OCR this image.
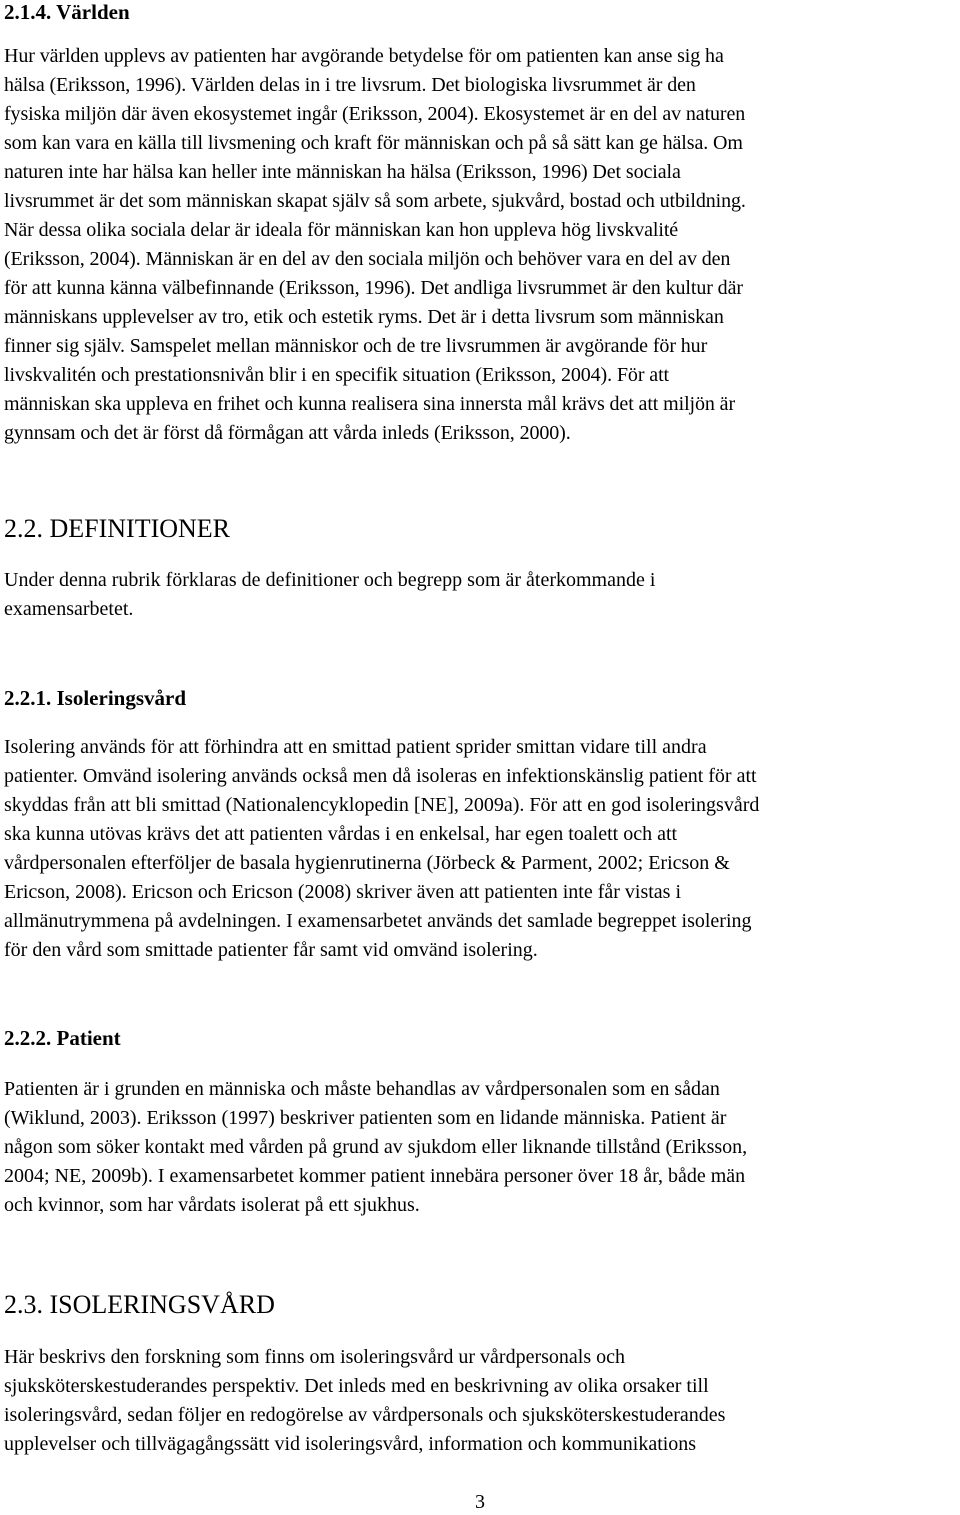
2.1.4. Världen

Hur världen upplevs av patienten har avgörande betydelse för om patienten kan anse sig ha
hälsa (Eriksson, 1996). Världen delas in i tre livsrum. Det biologiska livsrummet är den
fysiska miljön där även ekosystemet ingår (Eriksson, 2004). Ekosystemet är en del av naturen
som kan vara en källa till livsmening och kraft för människan och på så sätt kan ge hälsa. Om
naturen inte har hälsa kan heller inte människan ha hälsa (Eriksson, 1996) Det sociala
livsrummet är det som människan skapat själv så som arbete, sjukvård, bostad och utbildning.
När dessa olika sociala delar är ideala för människan kan hon uppleva hög livskvalité
(Eriksson, 2004). Människan är en del av den sociala miljön och behöver vara en del av den
för att kunna känna välbefinnande (Eriksson, 1996). Det andliga livsrummet är den kultur där
människans upplevelser av tro, etik och estetik ryms. Det är i detta livsrum som människan
finner sig själv. Samspelet mellan människor och de tre livsrummen är avgörande för hur
livskvalitén och prestationsnivån blir i en specifik situation (Eriksson, 2004). För att
människan ska uppleva en frihet och kunna realisera sina innersta mål krävs det att miljön är
gynnsam och det är först då förmågan att vårda inleds (Eriksson, 2000).

2.2. DEFINITIONER

Under denna rubrik förklaras de definitioner och begrepp som är återkommande i
examensarbetet.

2.2.1. Isoleringsvård

Isolering används för att förhindra att en smittad patient sprider smittan vidare till andra
patienter. Omvänd isolering används också men då isoleras en infektionskänslig patient för att
skyddas från att bli smittad (Nationalencyklopedin [NE], 2009a). För att en god isoleringsvård
ska kunna utövas krävs det att patienten vårdas i en enkelsal, har egen toalett och att
vårdpersonalen efterföljer de basala hygienrutinerna (Jörbeck & Parment, 2002; Ericson &
Ericson, 2008). Ericson och Ericson (2008) skriver även att patienten inte får vistas i
allmänutrymmena på avdelningen. I examensarbetet används det samlade begreppet isolering
för den vård som smittade patienter får samt vid omvänd isolering.

2.2.2. Patient

Patienten är i grunden en människa och måste behandlas av vårdpersonalen som en sådan
(Wiklund, 2003). Eriksson (1997) beskriver patienten som en lidande människa. Patient är
någon som söker kontakt med vården på grund av sjukdom eller liknande tillstånd (Eriksson,
2004; NE, 2009b). I examensarbetet kommer patient innebära personer över 18 år, både män
och kvinnor, som har vårdats isolerat på ett sjukhus.

2.3. ISOLERINGSVÅRD

Här beskrivs den forskning som finns om isoleringsvård ur vårdpersonals och
sjuksköterskestuderandes perspektiv. Det inleds med en beskrivning av olika orsaker till
isoleringsvård, sedan följer en redogörelse av vårdpersonals och sjuksköterskestuderandes
upplevelser och tillvägagångssätt vid isoleringsvård, information och kommunikations

3
